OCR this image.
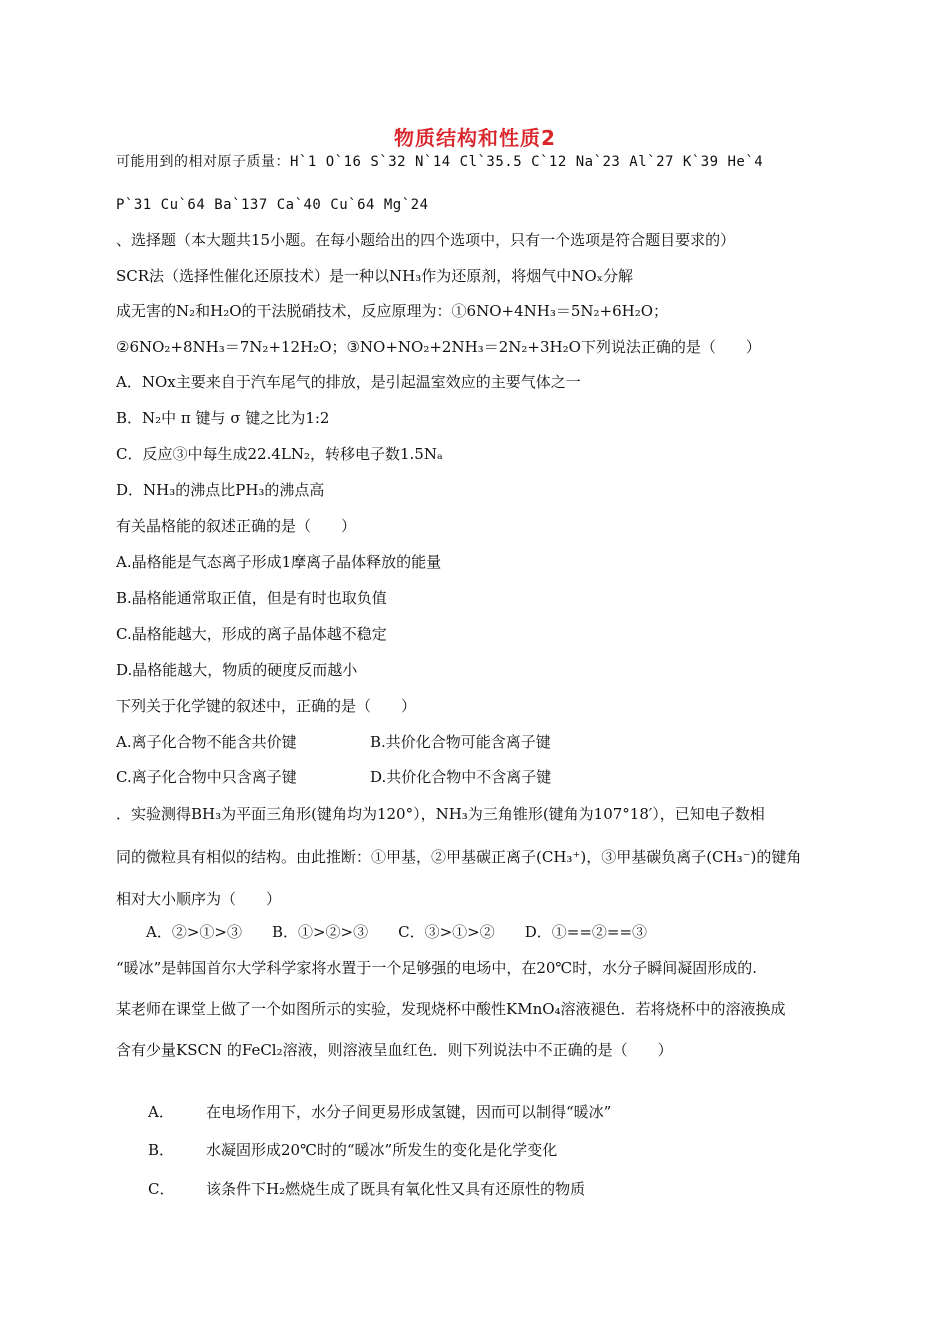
物质结构和性质2
可能用到的相对原子质量：H`1 O`16 S`32 N`14 Cl`35.5 C`12 Na`23 Al`27 K`39 He`4
P`31 Cu`64 Ba`137 Ca`40 Cu`64 Mg`24
、选择题（本大题共15小题。在每小题给出的四个选项中，只有一个选项是符合题目要求的）
SCR法（选择性催化还原技术）是一种以NH₃作为还原剂，将烟气中NOₓ分解
成无害的N₂和H₂O的干法脱硝技术，反应原理为：①6NO+4NH₃＝5N₂+6H₂O；
②6NO₂+8NH₃＝7N₂+12H₂O；③NO+NO₂+2NH₃＝2N₂+3H₂O下列说法正确的是（　　）
A．NOx主要来自于汽车尾气的排放，是引起温室效应的主要气体之一
B．N₂中 π 键与 σ 键之比为1:2
C．反应③中每生成22.4LN₂，转移电子数1.5Nₐ
D．NH₃的沸点比PH₃的沸点高
有关晶格能的叙述正确的是（　　）
A.晶格能是气态离子形成1摩离子晶体释放的能量
B.晶格能通常取正值，但是有时也取负值
C.晶格能越大，形成的离子晶体越不稳定
D.晶格能越大，物质的硬度反而越小
下列关于化学键的叙述中，正确的是（　　）
A.离子化合物不能含共价键	B.共价化合物可能含离子键
C.离子化合物中只含离子键	D.共价化合物中不含离子键
．实验测得BH₃为平面三角形(键角均为120°），NH₃为三角锥形(键角为107°18′），已知电子数相
同的微粒具有相似的结构。由此推断：①甲基，②甲基碳正离子(CH₃⁺)，③甲基碳负离子(CH₃⁻)的键角
相对大小顺序为（　　）
A．②>①>③　　B．①>②>③　　C．③>①>②　　D．①==②==③
“暖冰”是韩国首尔大学科学家将水置于一个足够强的电场中，在20℃时，水分子瞬间凝固形成的.
某老师在课堂上做了一个如图所示的实验，发现烧杯中酸性KMnO₄溶液褪色．若将烧杯中的溶液换成
含有少量KSCN 的FeCl₂溶液，则溶液呈血红色．则下列说法中不正确的是（　　）
A． 在电场作用下，水分子间更易形成氢键，因而可以制得“暖冰”
B． 水凝固形成20℃时的“暖冰”所发生的变化是化学变化
C． 该条件下H₂燃烧生成了既具有氧化性又具有还原性的物质
